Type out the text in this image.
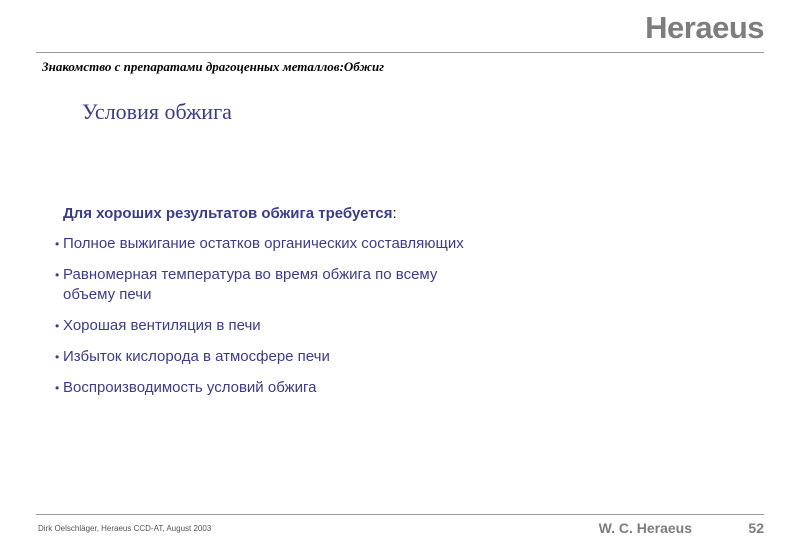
Heraeus
Знакомство с препаратами драгоценных металлов:Обжиг
Условия обжига
Для хороших результатов обжига требуется:
• Полное выжигание остатков органических составляющих
• Равномерная температура во время обжига по всему
объему печи
• Хорошая вентиляция в печи
• Избыток кислорода в атмосфере печи
• Воспроизводимость условий обжига
Dirk Oelschläger, Heraeus CCD-AT, August 2003	W. C. Heraeus	52
